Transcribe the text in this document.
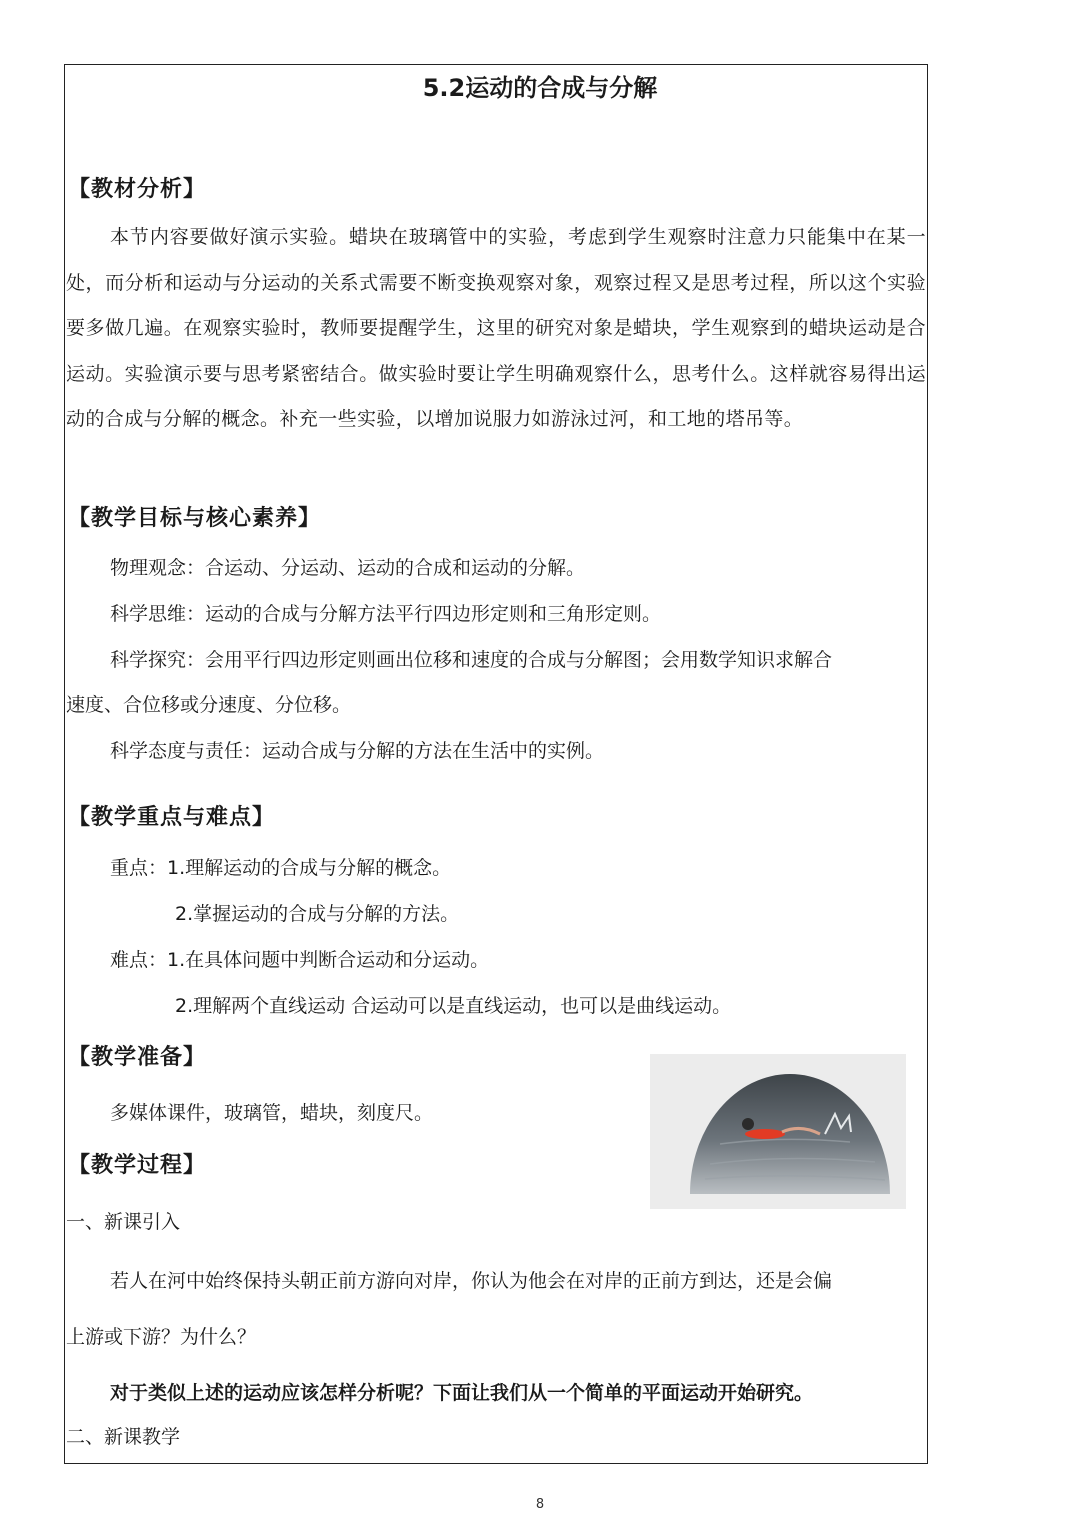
5.2运动的合成与分解
【教材分析】
本节内容要做好演示实验。蜡块在玻璃管中的实验，考虑到学生观察时注意力只能集中在某一处，而分析和运动与分运动的关系式需要不断变换观察对象，观察过程又是思考过程，所以这个实验要多做几遍。在观察实验时，教师要提醒学生，这里的研究对象是蜡块，学生观察到的蜡块运动是合运动。实验演示要与思考紧密结合。做实验时要让学生明确观察什么，思考什么。这样就容易得出运动的合成与分解的概念。补充一些实验，以增加说服力如游泳过河，和工地的塔吊等。
【教学目标与核心素养】
物理观念：合运动、分运动、运动的合成和运动的分解。
科学思维：运动的合成与分解方法平行四边形定则和三角形定则。
科学探究：会用平行四边形定则画出位移和速度的合成与分解图；会用数学知识求解合
速度、合位移或分速度、分位移。
科学态度与责任：运动合成与分解的方法在生活中的实例。
【教学重点与难点】
重点：1.理解运动的合成与分解的概念。
2.掌握运动的合成与分解的方法。
难点：1.在具体问题中判断合运动和分运动。
2.理解两个直线运动 合运动可以是直线运动，也可以是曲线运动。
【教学准备】
多媒体课件，玻璃管，蜡块，刻度尺。
【教学过程】
一、新课引入
若人在河中始终保持头朝正前方游向对岸，你认为他会在对岸的正前方到达，还是会偏
上游或下游？为什么？
对于类似上述的运动应该怎样分析呢？下面让我们从一个简单的平面运动开始研究。
二、新课教学
8
